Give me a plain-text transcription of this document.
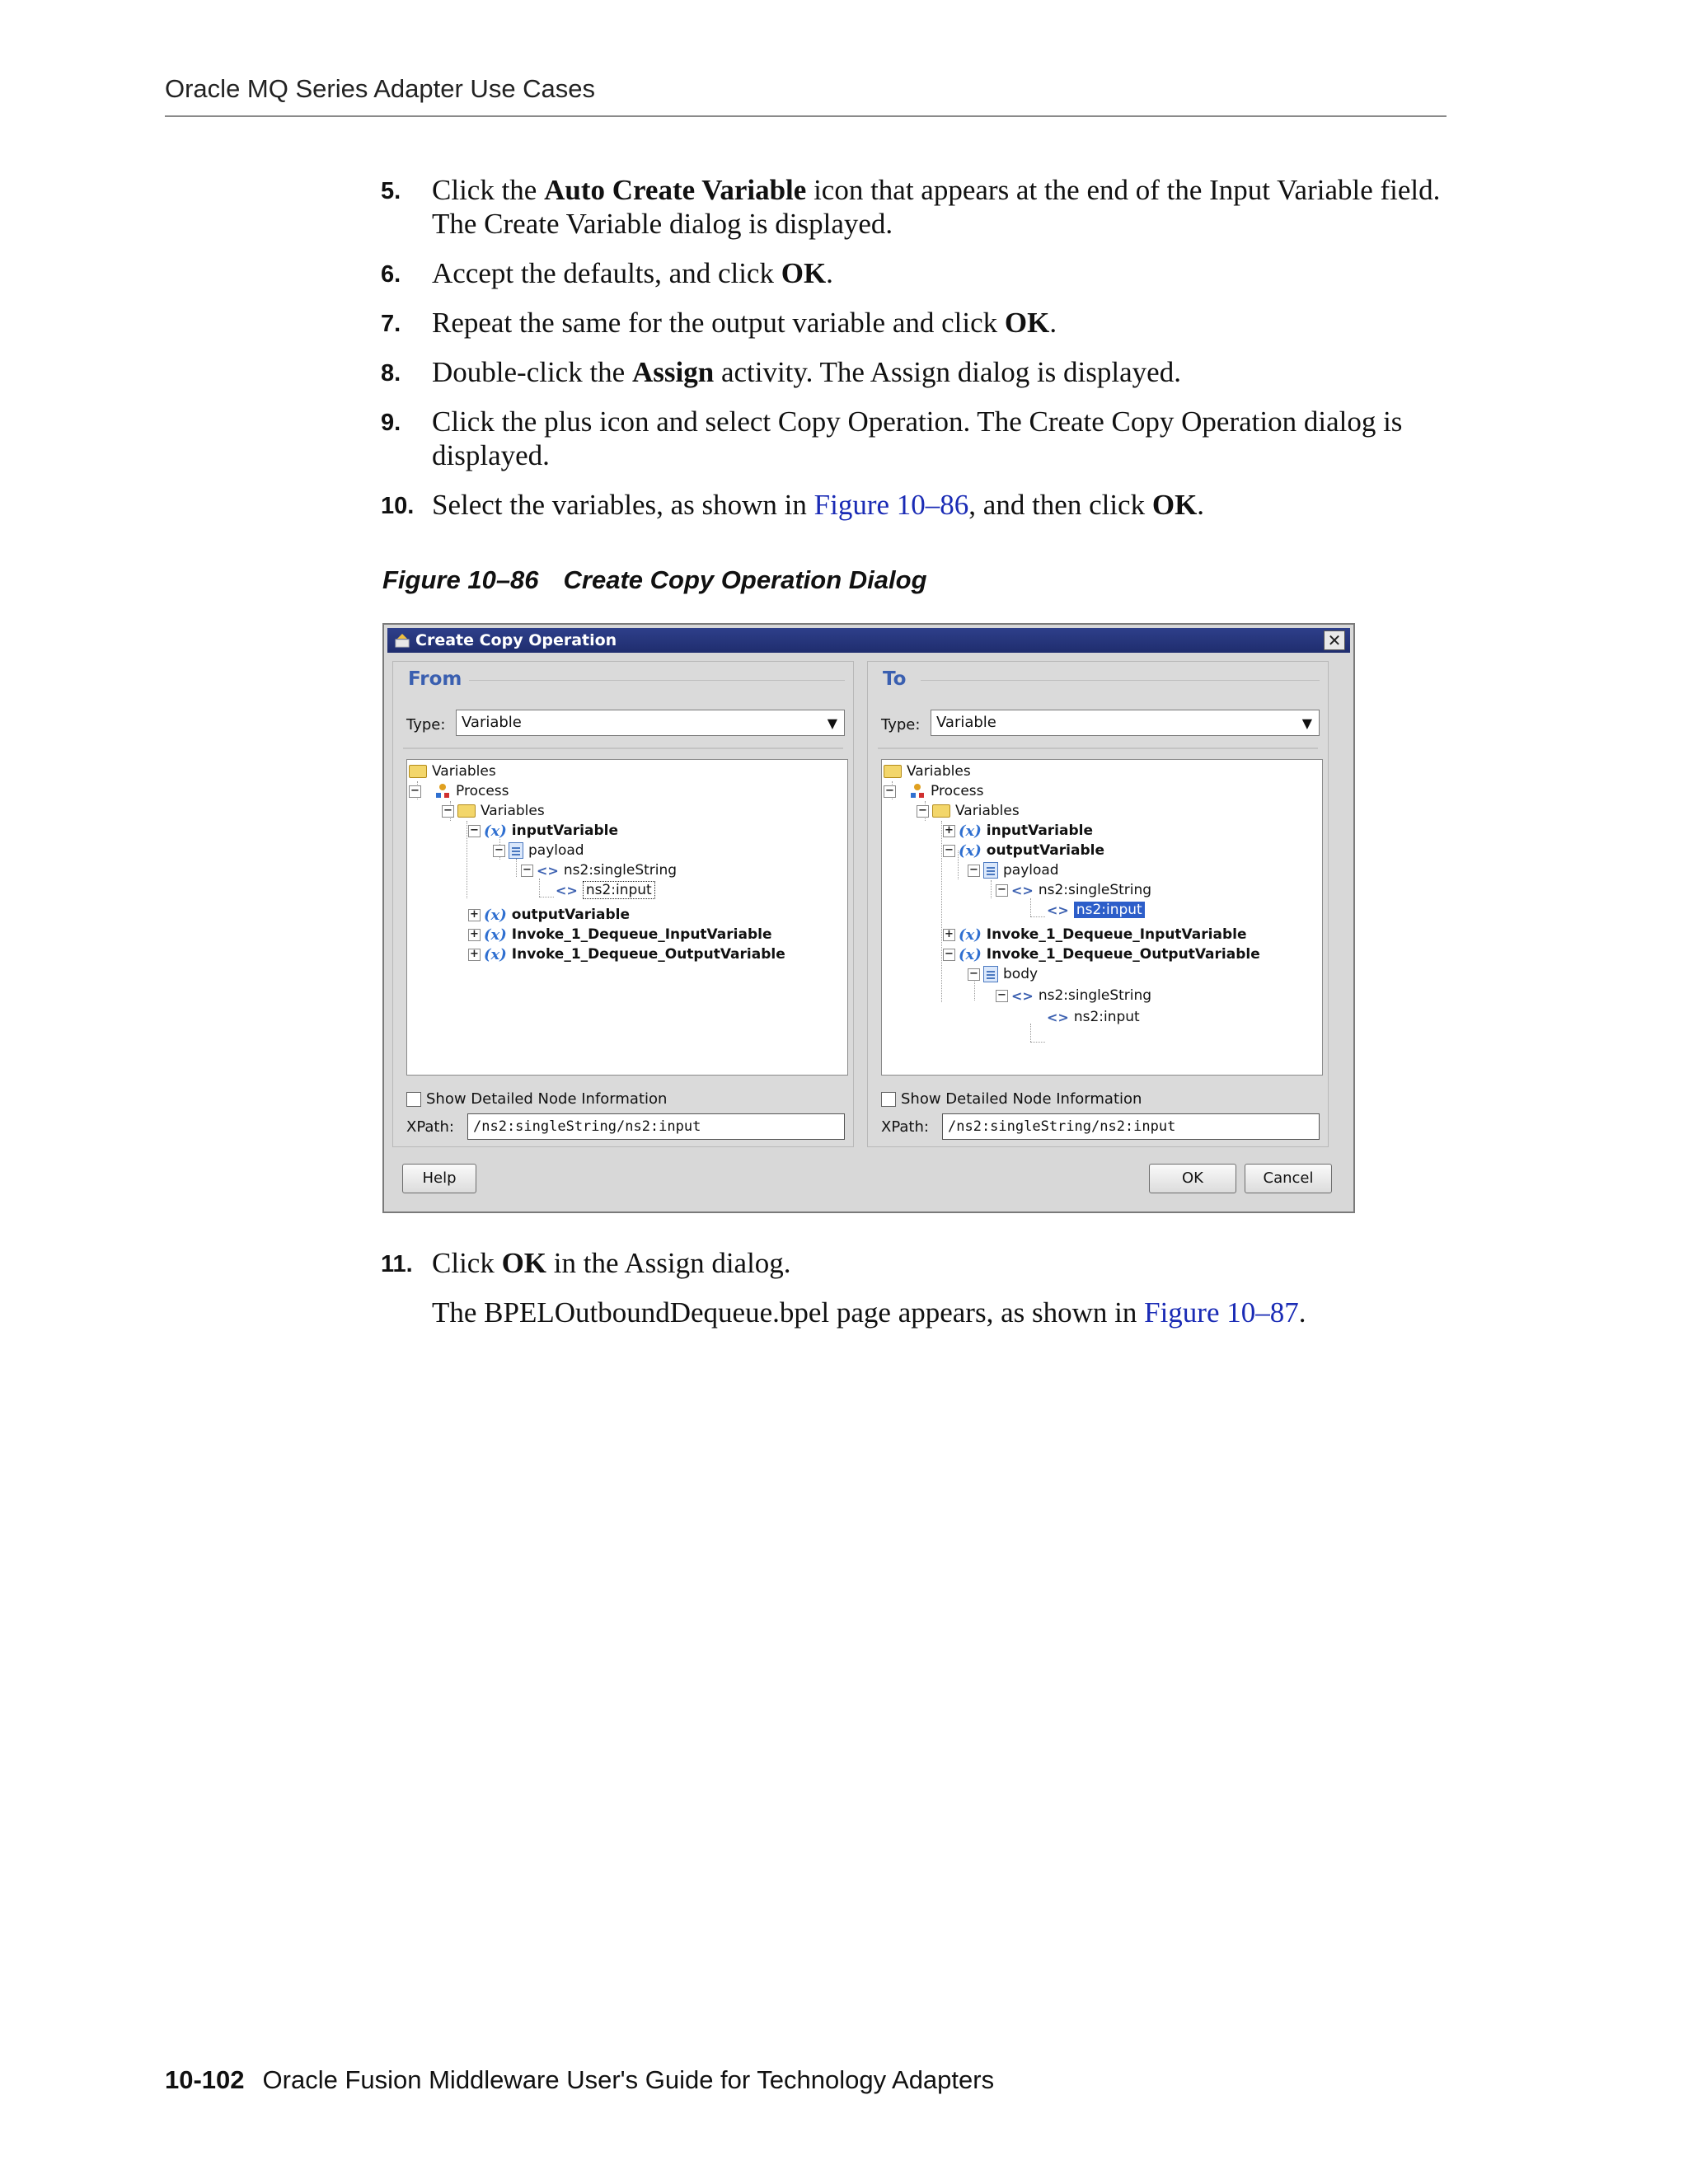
Oracle MQ Series Adapter Use Cases
5. Click the Auto Create Variable icon that appears at the end of the Input Variable field. The Create Variable dialog is displayed.
6. Accept the defaults, and click OK.
7. Repeat the same for the output variable and click OK.
8. Double-click the Assign activity. The Assign dialog is displayed.
9. Click the plus icon and select Copy Operation. The Create Copy Operation dialog is displayed.
10. Select the variables, as shown in Figure 10–86, and then click OK.
Figure 10–86 Create Copy Operation Dialog
Create Copy Operation	✕
From
Type:	Variable	▼
Variables
−	Process
− Variables
− (x) inputVariable
− payload
− <> ns2:singleString
<> ns2:input
+ (x) outputVariable
+ (x) Invoke_1_Dequeue_InputVariable
+ (x) Invoke_1_Dequeue_OutputVariable
Show Detailed Node Information
XPath:	/ns2:singleString/ns2:input
To
Type:	Variable	▼
Variables
−	Process
− Variables
+ (x) inputVariable
− (x) outputVariable
− payload
− <> ns2:singleString
<> ns2:input
+ (x) Invoke_1_Dequeue_InputVariable
− (x) Invoke_1_Dequeue_OutputVariable
− body
− <> ns2:singleString
<> ns2:input
Show Detailed Node Information
XPath:	/ns2:singleString/ns2:input
Help	OK	Cancel
11. Click OK in the Assign dialog.
The BPELOutboundDequeue.bpel page appears, as shown in Figure 10–87.
10-102 Oracle Fusion Middleware User's Guide for Technology Adapters
